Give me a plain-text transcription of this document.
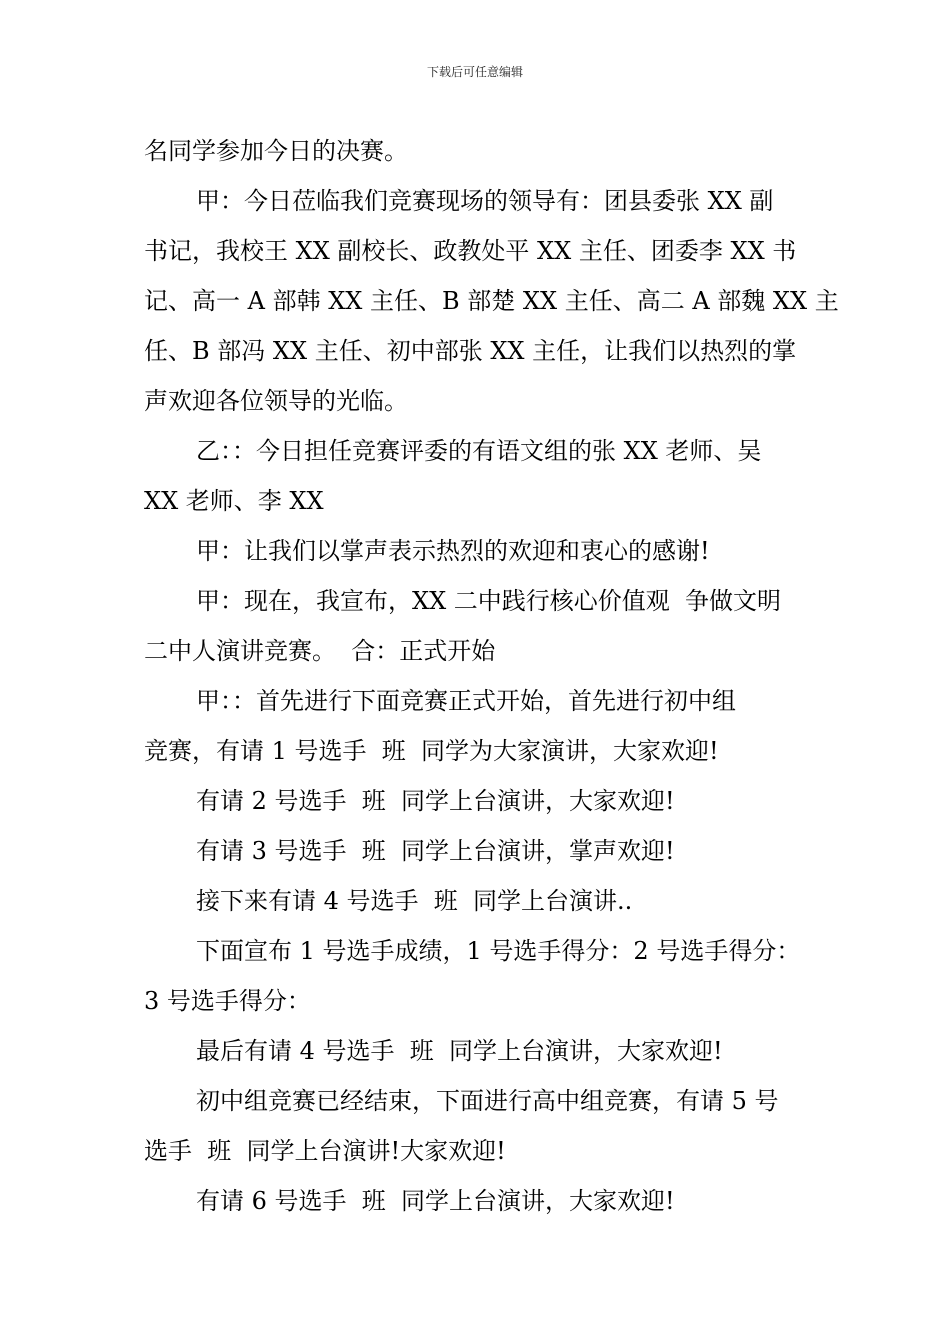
下载后可任意编辑
名同学参加今日的决赛。
甲：今日莅临我们竞赛现场的领导有：团县委张 XX 副
书记，我校王 XX 副校长、政教处平 XX 主任、团委李 XX 书
记、高一 A 部韩 XX 主任、B 部楚 XX 主任、高二 A 部魏 XX 主
任、B 部冯 XX 主任、初中部张 XX 主任，让我们以热烈的掌
声欢迎各位领导的光临。
乙：：今日担任竞赛评委的有语文组的张 XX 老师、吴
XX 老师、李 XX
甲：让我们以掌声表示热烈的欢迎和衷心的感谢!
甲：现在，我宣布，XX 二中践行核心价值观  争做文明
二中人演讲竞赛。  合：正式开始
甲：：首先进行下面竞赛正式开始，首先进行初中组
竞赛，有请 1 号选手  班  同学为大家演讲，大家欢迎!
有请 2 号选手  班  同学上台演讲，大家欢迎!
有请 3 号选手  班  同学上台演讲，掌声欢迎!
接下来有请 4 号选手  班  同学上台演讲..
下面宣布 1 号选手成绩，1 号选手得分：2 号选手得分：
3 号选手得分：
最后有请 4 号选手  班  同学上台演讲，大家欢迎!
初中组竞赛已经结束，下面进行高中组竞赛，有请 5 号
选手  班  同学上台演讲!大家欢迎!
有请 6 号选手  班  同学上台演讲，大家欢迎!
